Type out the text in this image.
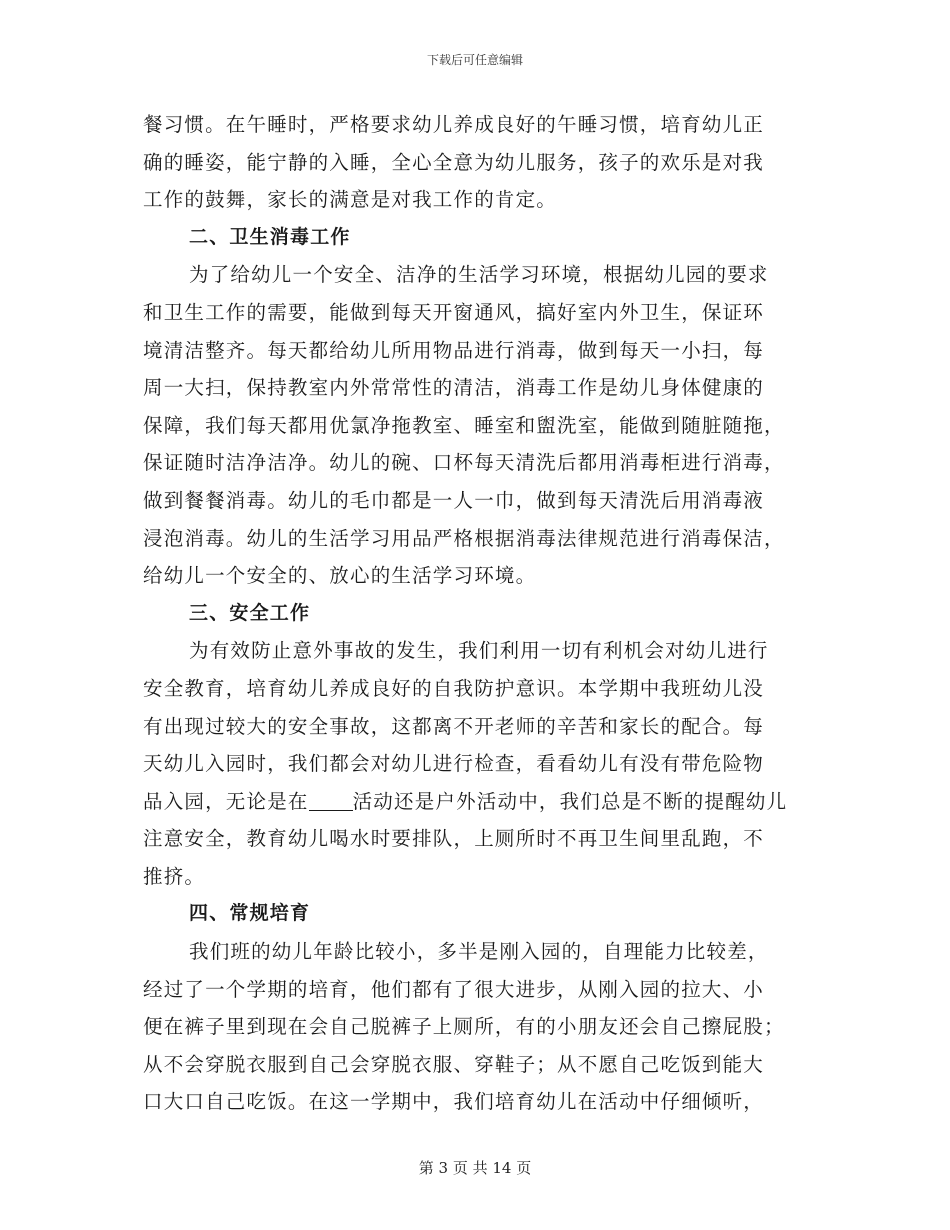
下载后可任意编辑
餐习惯。在午睡时，严格要求幼儿养成良好的午睡习惯，培育幼儿正
确的睡姿，能宁静的入睡，全心全意为幼儿服务，孩子的欢乐是对我
工作的鼓舞，家长的满意是对我工作的肯定。
二、卫生消毒工作
为了给幼儿一个安全、洁净的生活学习环境，根据幼儿园的要求
和卫生工作的需要，能做到每天开窗通风，搞好室内外卫生，保证环
境清洁整齐。每天都给幼儿所用物品进行消毒，做到每天一小扫，每
周一大扫，保持教室内外常常性的清洁，消毒工作是幼儿身体健康的
保障，我们每天都用优氯净拖教室、睡室和盥洗室，能做到随脏随拖，
保证随时洁净洁净。幼儿的碗、口杯每天清洗后都用消毒柜进行消毒，
做到餐餐消毒。幼儿的毛巾都是一人一巾，做到每天清洗后用消毒液
浸泡消毒。幼儿的生活学习用品严格根据消毒法律规范进行消毒保洁，
给幼儿一个安全的、放心的生活学习环境。
三、安全工作
为有效防止意外事故的发生，我们利用一切有利机会对幼儿进行
安全教育，培育幼儿养成良好的自我防护意识。本学期中我班幼儿没
有出现过较大的安全事故，这都离不开老师的辛苦和家长的配合。每
天幼儿入园时，我们都会对幼儿进行检查，看看幼儿有没有带危险物
品入园，无论是在 活动还是户外活动中，我们总是不断的提醒幼儿
注意安全，教育幼儿喝水时要排队，上厕所时不再卫生间里乱跑，不
推挤。
四、常规培育
我们班的幼儿年龄比较小，多半是刚入园的，自理能力比较差，
经过了一个学期的培育，他们都有了很大进步，从刚入园的拉大、小
便在裤子里到现在会自己脱裤子上厕所，有的小朋友还会自己擦屁股；
从不会穿脱衣服到自己会穿脱衣服、穿鞋子；从不愿自己吃饭到能大
口大口自己吃饭。在这一学期中，我们培育幼儿在活动中仔细倾听，
第 3 页 共 14 页
